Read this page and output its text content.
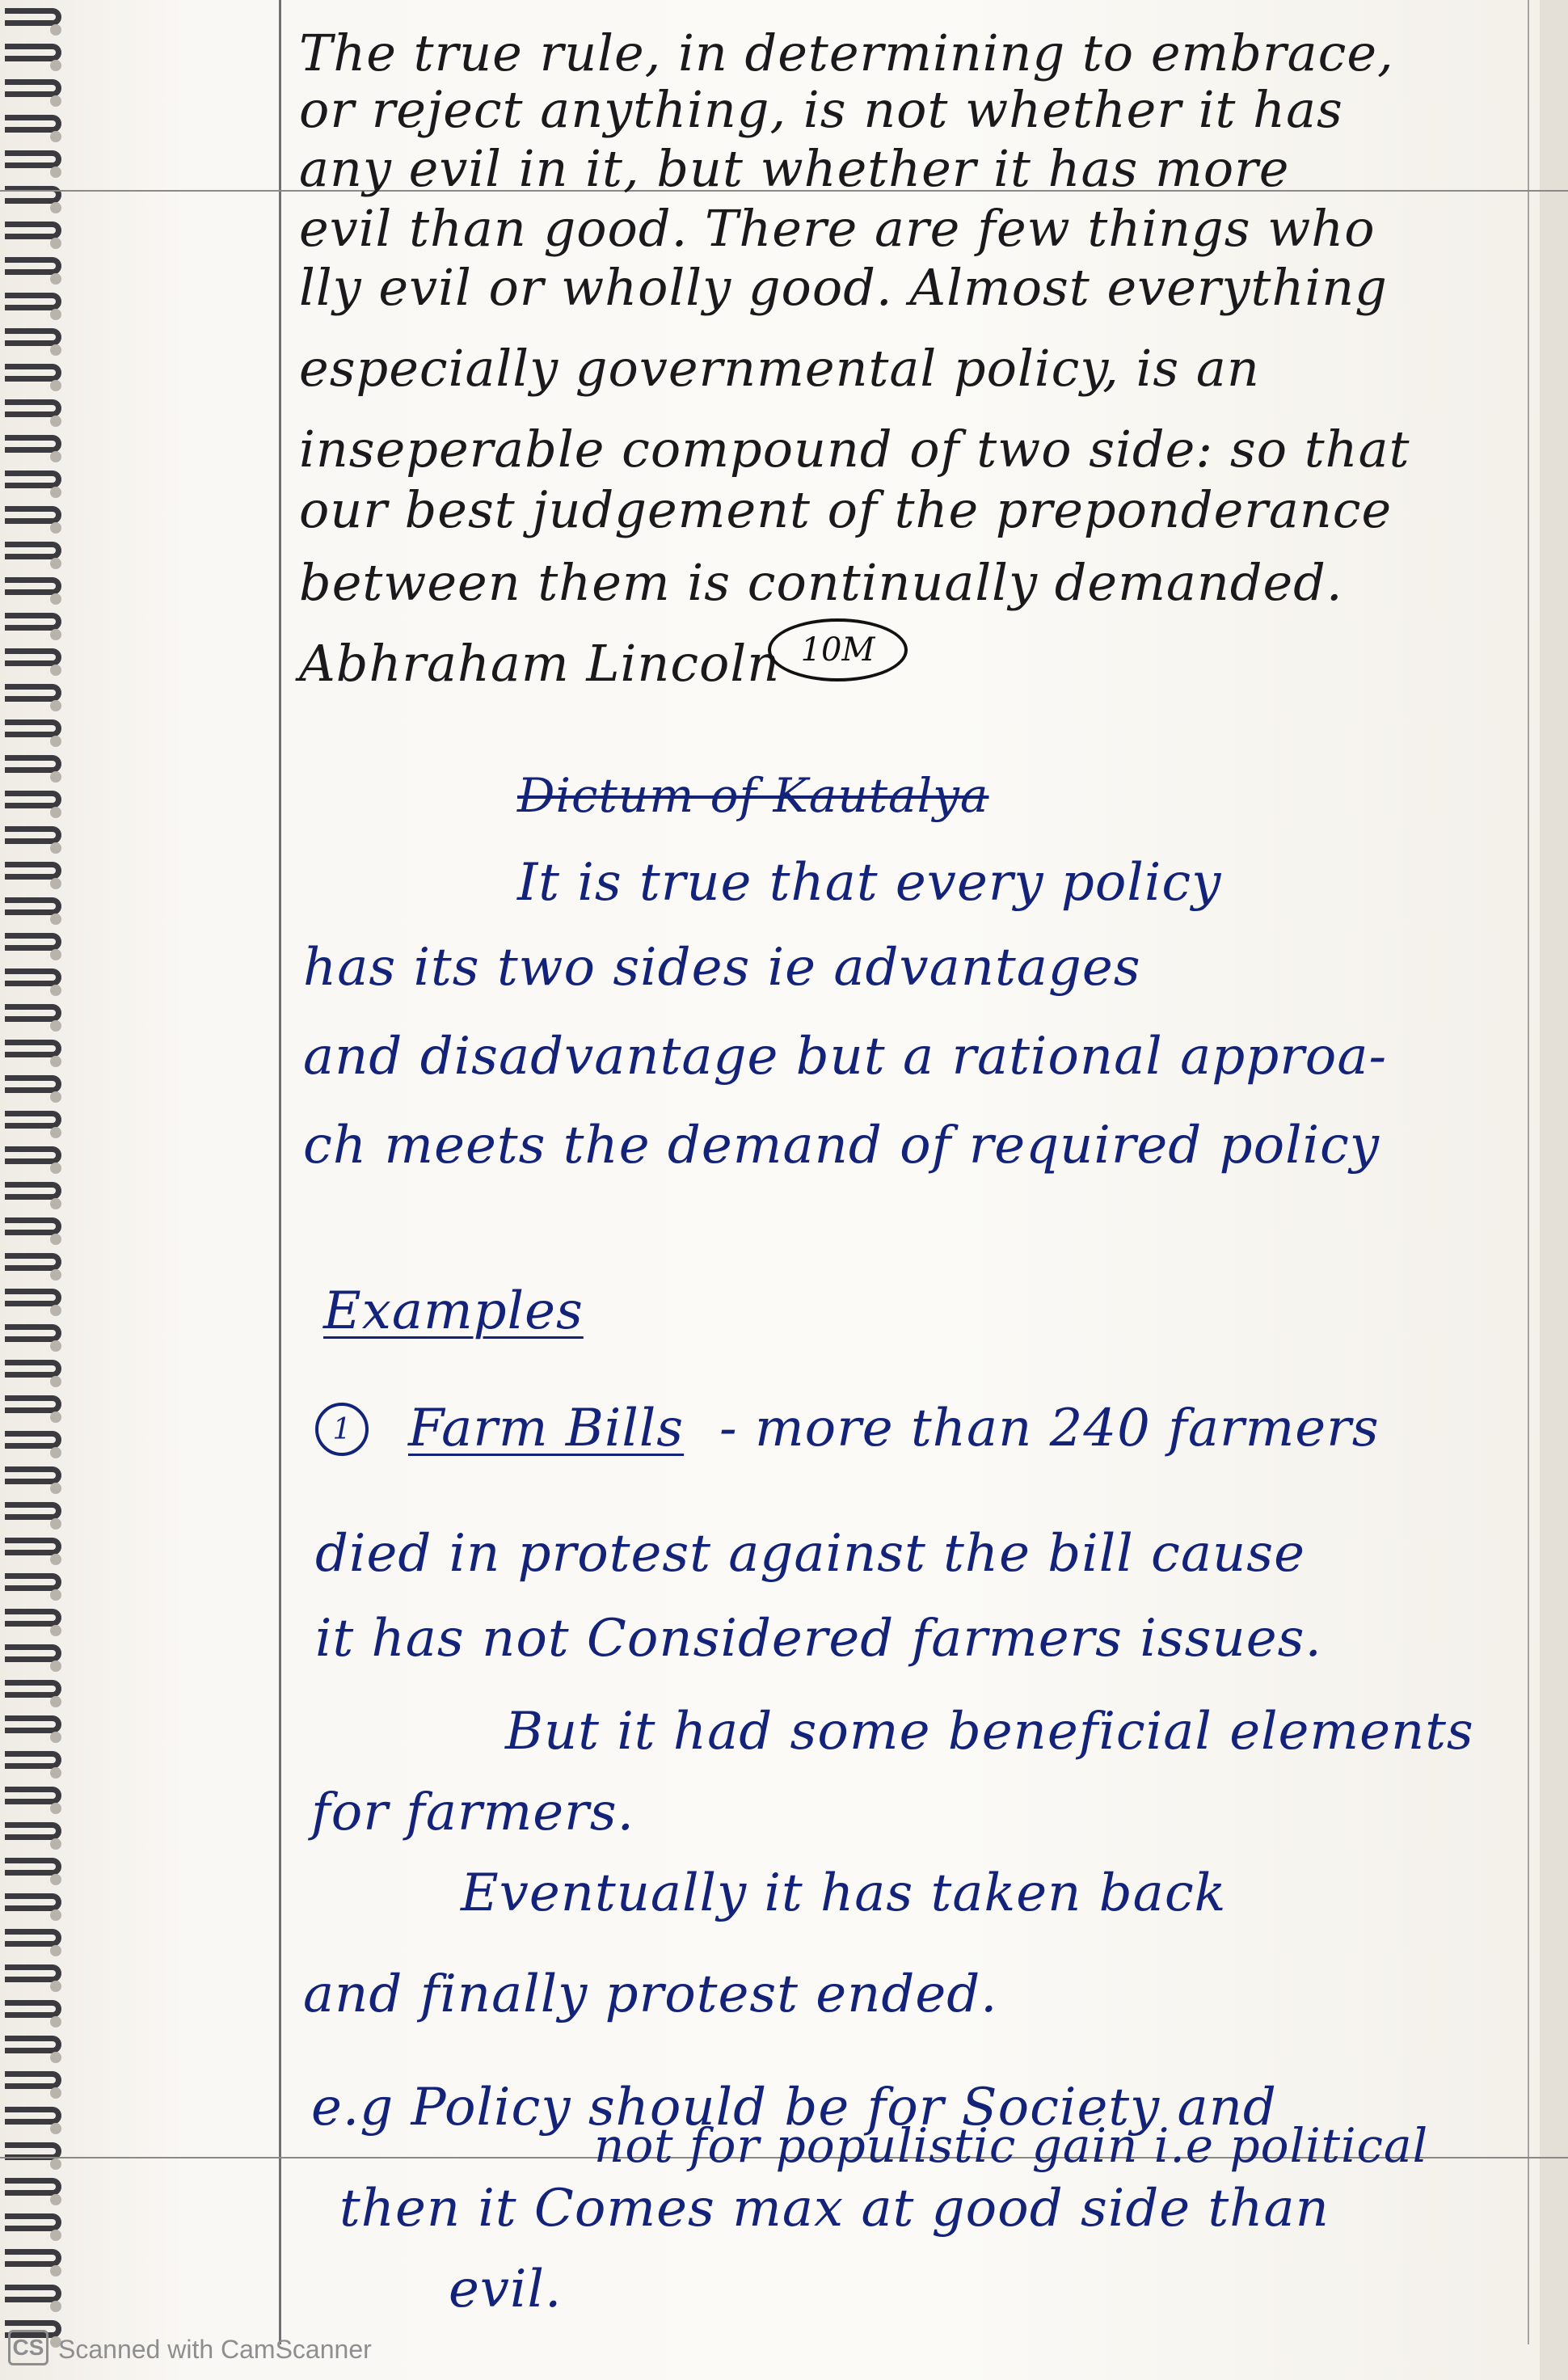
The true rule, in determining to embrace,
or reject anything, is not whether it has
any evil in it, but whether it has more
evil than good. There are few things who
lly evil or wholly good. Almost everything
especially governmental policy, is an
inseperable compound of two side: so that
our best judgement of the preponderance
between them is continually demanded.
Abhraham Lincoln 10M
Dictum of Kautalya
It is true that every policy
has its two sides ie advantages
and disadvantage but a rational approa-
ch meets the demand of required policy
Examples
1	Farm Bills - more than 240 farmers
died in protest against the bill cause
it has not Considered farmers issues.
But it had some beneficial elements
for farmers.
Eventually it has taken back
and finally protest ended.
e.g Policy should be for Society and
not for populistic gain i.e political
then it Comes max at good side than
evil.
CS Scanned with CamScanner
